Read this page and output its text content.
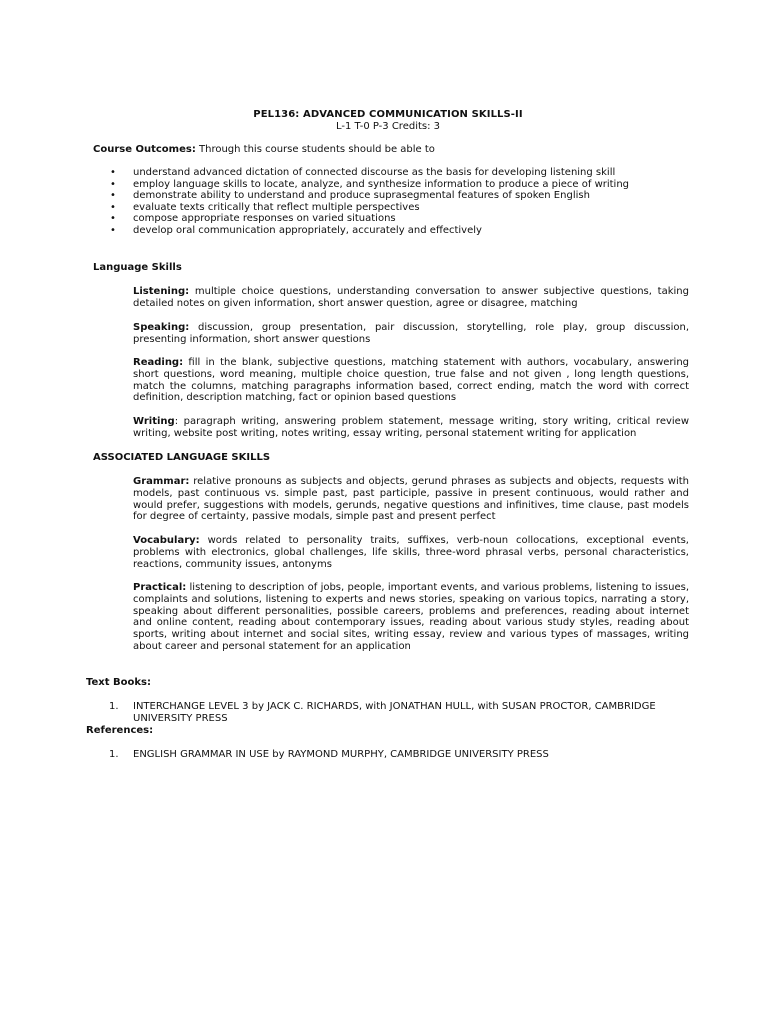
PEL136: ADVANCED COMMUNICATION SKILLS-II
L-1 T-0 P-3 Credits: 3
Course Outcomes: Through this course students should be able to
• understand advanced dictation of connected discourse as the basis for developing listening skill
• employ language skills to locate, analyze, and synthesize information to produce a piece of writing
• demonstrate ability to understand and produce suprasegmental features of spoken English
• evaluate texts critically that reflect multiple perspectives
• compose appropriate responses on varied situations
• develop oral communication appropriately, accurately and effectively
Language Skills

Listening: multiple choice questions, understanding conversation to answer subjective questions, taking detailed notes on given information, short answer question, agree or disagree, matching

Speaking: discussion, group presentation, pair discussion, storytelling, role play, group discussion, presenting information, short answer questions

Reading: fill in the blank, subjective questions, matching statement with authors, vocabulary, answering short questions, word meaning, multiple choice question, true false and not given , long length questions, match the columns, matching paragraphs information based, correct ending, match the word with correct definition, description matching, fact or opinion based questions

Writing: paragraph writing, answering problem statement, message writing, story writing, critical review writing, website post writing, notes writing, essay writing, personal statement writing for application

ASSOCIATED LANGUAGE SKILLS

Grammar: relative pronouns as subjects and objects, gerund phrases as subjects and objects, requests with models, past continuous vs. simple past, past participle, passive in present continuous, would rather and would prefer, suggestions with models, gerunds, negative questions and infinitives, time clause, past models for degree of certainty, passive modals, simple past and present perfect

Vocabulary: words related to personality traits, suffixes, verb-noun collocations, exceptional events, problems with electronics, global challenges, life skills, three-word phrasal verbs, personal characteristics, reactions, community issues, antonyms

Practical: listening to description of jobs, people, important events, and various problems, listening to issues, complaints and solutions, listening to experts and news stories, speaking on various topics, narrating a story, speaking about different personalities, possible careers, problems and preferences, reading about internet and online content, reading about contemporary issues, reading about various study styles, reading about sports, writing about internet and social sites, writing essay, review and various types of massages, writing about career and personal statement for an application

Text Books:
1. INTERCHANGE LEVEL 3 by JACK C. RICHARDS, with JONATHAN HULL, with SUSAN PROCTOR, CAMBRIDGE UNIVERSITY PRESS
References:
1. ENGLISH GRAMMAR IN USE by RAYMOND MURPHY, CAMBRIDGE UNIVERSITY PRESS
